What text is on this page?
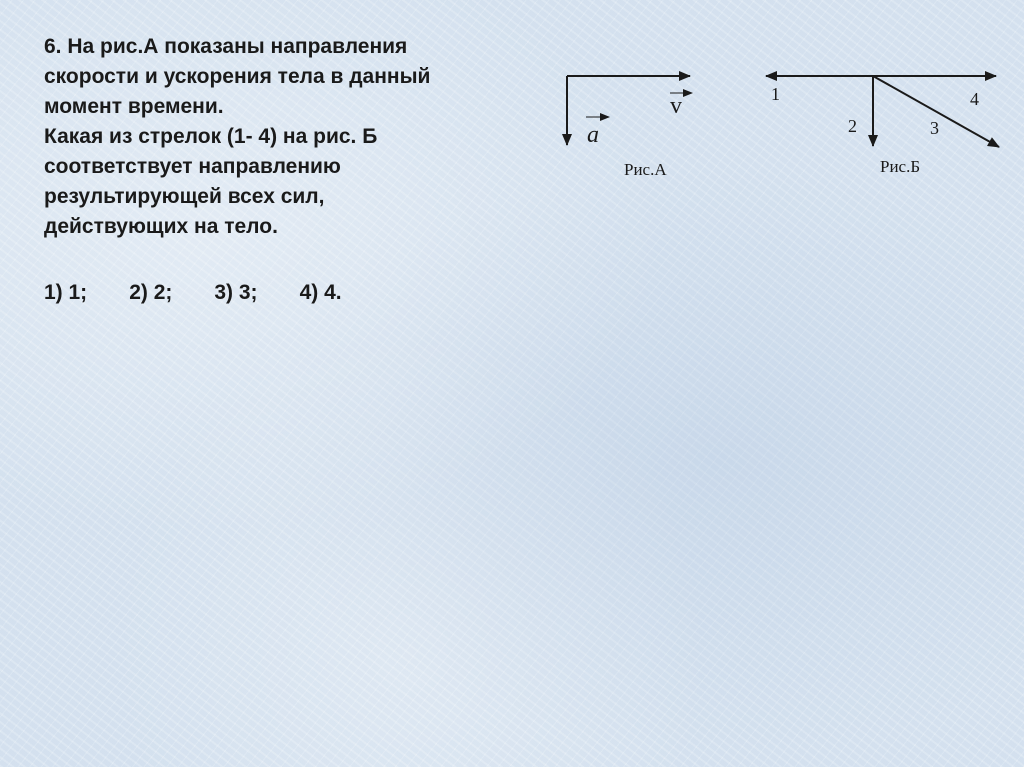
6. На рис.А показаны направления
скорости и ускорения тела в данный
момент времени.
Какая из стрелок (1- 4) на рис. Б
соответствует направлению
результирующей всех сил,
действующих на тело.
1) 1; 2) 2; 3) 3; 4) 4.
v
a
Рис.А
1
2	3
4
Рис.Б
